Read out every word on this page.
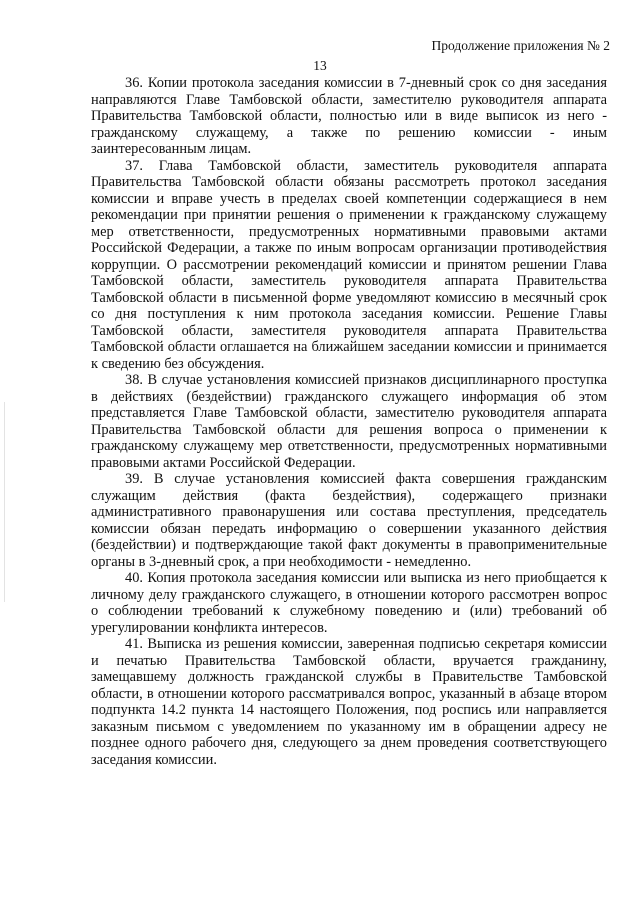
Продолжение приложения № 2
13

36. Копии протокола заседания комиссии в 7-дневный срок со дня заседания направляются Главе Тамбовской области, заместителю руководителя аппарата Правительства Тамбовской области, полностью или в виде выписок из него - гражданскому служащему, а также по решению комиссии - иным заинтересованным лицам.

37. Глава Тамбовской области, заместитель руководителя аппарата Правительства Тамбовской области обязаны рассмотреть протокол заседания комиссии и вправе учесть в пределах своей компетенции содержащиеся в нем рекомендации при принятии решения о применении к гражданскому служащему мер ответственности, предусмотренных нормативными правовыми актами Российской Федерации, а также по иным вопросам организации противодействия коррупции. О рассмотрении рекомендаций комиссии и принятом решении Глава Тамбовской области, заместитель руководителя аппарата Правительства Тамбовской области в письменной форме уведомляют комиссию в месячный срок со дня поступления к ним протокола заседания комиссии. Решение Главы Тамбовской области, заместителя руководителя аппарата Правительства Тамбовской области оглашается на ближайшем заседании комиссии и принимается к сведению без обсуждения.

38. В случае установления комиссией признаков дисциплинарного проступка в действиях (бездействии) гражданского служащего информация об этом представляется Главе Тамбовской области, заместителю руководителя аппарата Правительства Тамбовской области для решения вопроса о применении к гражданскому служащему мер ответственности, предусмотренных нормативными правовыми актами Российской Федерации.

39. В случае установления комиссией факта совершения гражданским служащим действия (факта бездействия), содержащего признаки административного правонарушения или состава преступления, председатель комиссии обязан передать информацию о совершении указанного действия (бездействии) и подтверждающие такой факт документы в правоприменительные органы в 3-дневный срок, а при необходимости - немедленно.

40. Копия протокола заседания комиссии или выписка из него приобщается к личному делу гражданского служащего, в отношении которого рассмотрен вопрос о соблюдении требований к служебному поведению и (или) требований об урегулировании конфликта интересов.

41. Выписка из решения комиссии, заверенная подписью секретаря комиссии и печатью Правительства Тамбовской области, вручается гражданину, замещавшему должность гражданской службы в Правительстве Тамбовской области, в отношении которого рассматривался вопрос, указанный в абзаце втором подпункта 14.2 пункта 14 настоящего Положения, под роспись или направляется заказным письмом с уведомлением по указанному им в обращении адресу не позднее одного рабочего дня, следующего за днем проведения соответствующего заседания комиссии.
